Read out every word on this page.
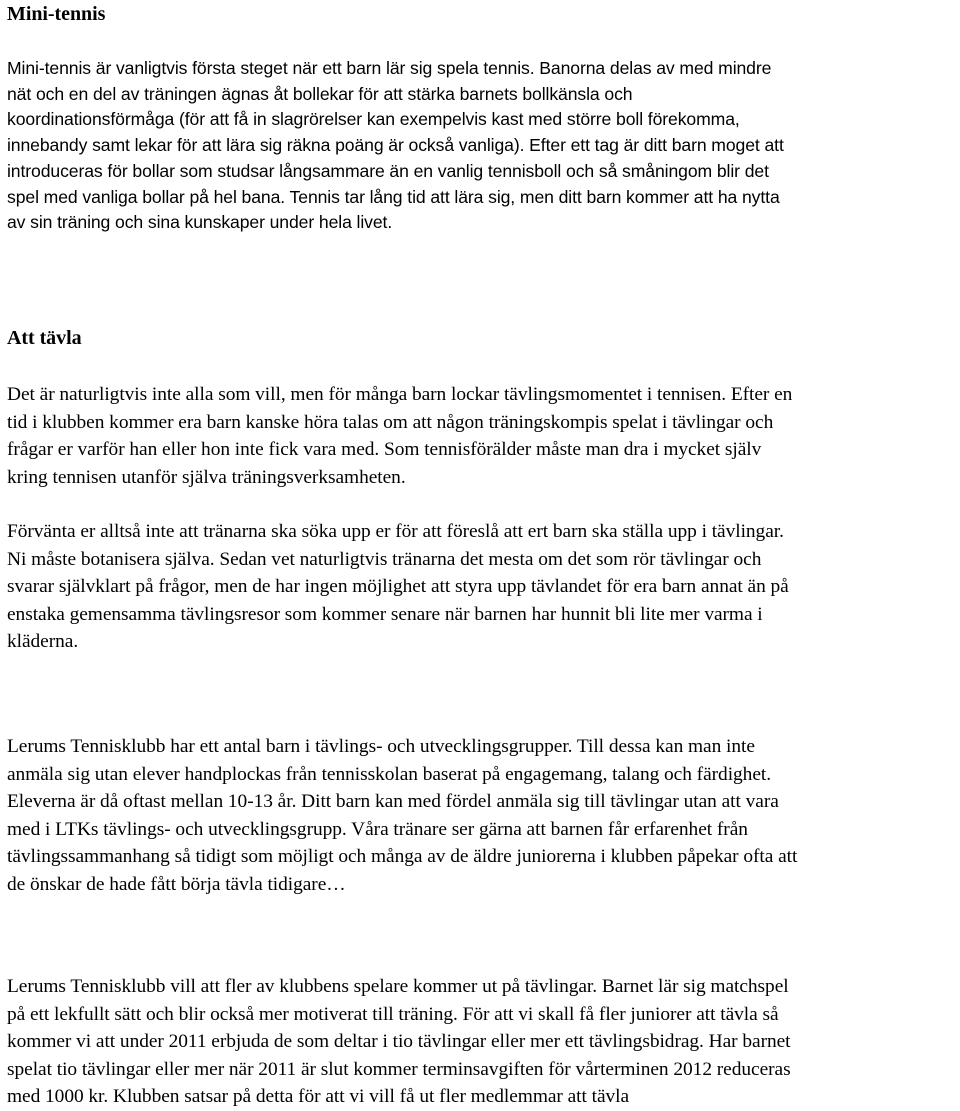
Mini-tennis

Mini-tennis är vanligtvis första steget när ett barn lär sig spela tennis. Banorna delas av med mindre
nät och en del av träningen ägnas åt bollekar för att stärka barnets bollkänsla och
koordinationsförmåga (för att få in slagrörelser kan exempelvis kast med större boll förekomma,
innebandy samt lekar för att lära sig räkna poäng är också vanliga). Efter ett tag är ditt barn moget att
introduceras för bollar som studsar långsammare än en vanlig tennisboll och så småningom blir det
spel med vanliga bollar på hel bana. Tennis tar lång tid att lära sig, men ditt barn kommer att ha nytta
av sin träning och sina kunskaper under hela livet.

Att tävla

Det är naturligtvis inte alla som vill, men för många barn lockar tävlingsmomentet i tennisen. Efter en
tid i klubben kommer era barn kanske höra talas om att någon träningskompis spelat i tävlingar och
frågar er varför han eller hon inte fick vara med. Som tennisförälder måste man dra i mycket själv
kring tennisen utanför själva träningsverksamheten.

Förvänta er alltså inte att tränarna ska söka upp er för att föreslå att ert barn ska ställa upp i tävlingar.
Ni måste botanisera själva. Sedan vet naturligtvis tränarna det mesta om det som rör tävlingar och
svarar självklart på frågor, men de har ingen möjlighet att styra upp tävlandet för era barn annat än på
enstaka gemensamma tävlingsresor som kommer senare när barnen har hunnit bli lite mer varma i
kläderna.

Lerums Tennisklubb har ett antal barn i tävlings- och utvecklingsgrupper. Till dessa kan man inte
anmäla sig utan elever handplockas från tennisskolan baserat på engagemang, talang och färdighet.
Eleverna är då oftast mellan 10-13 år. Ditt barn kan med fördel anmäla sig till tävlingar utan att vara
med i LTKs tävlings- och utvecklingsgrupp. Våra tränare ser gärna att barnen får erfarenhet från
tävlingssammanhang så tidigt som möjligt och många av de äldre juniorerna i klubben påpekar ofta att
de önskar de hade fått börja tävla tidigare…

Lerums Tennisklubb vill att fler av klubbens spelare kommer ut på tävlingar. Barnet lär sig matchspel
på ett lekfullt sätt och blir också mer motiverat till träning. För att vi skall få fler juniorer att tävla så
kommer vi att under 2011 erbjuda de som deltar i tio tävlingar eller mer ett tävlingsbidrag. Har barnet
spelat tio tävlingar eller mer när 2011 är slut kommer terminsavgiften för vårterminen 2012 reduceras
med 1000 kr. Klubben satsar på detta för att vi vill få ut fler medlemmar att tävla
